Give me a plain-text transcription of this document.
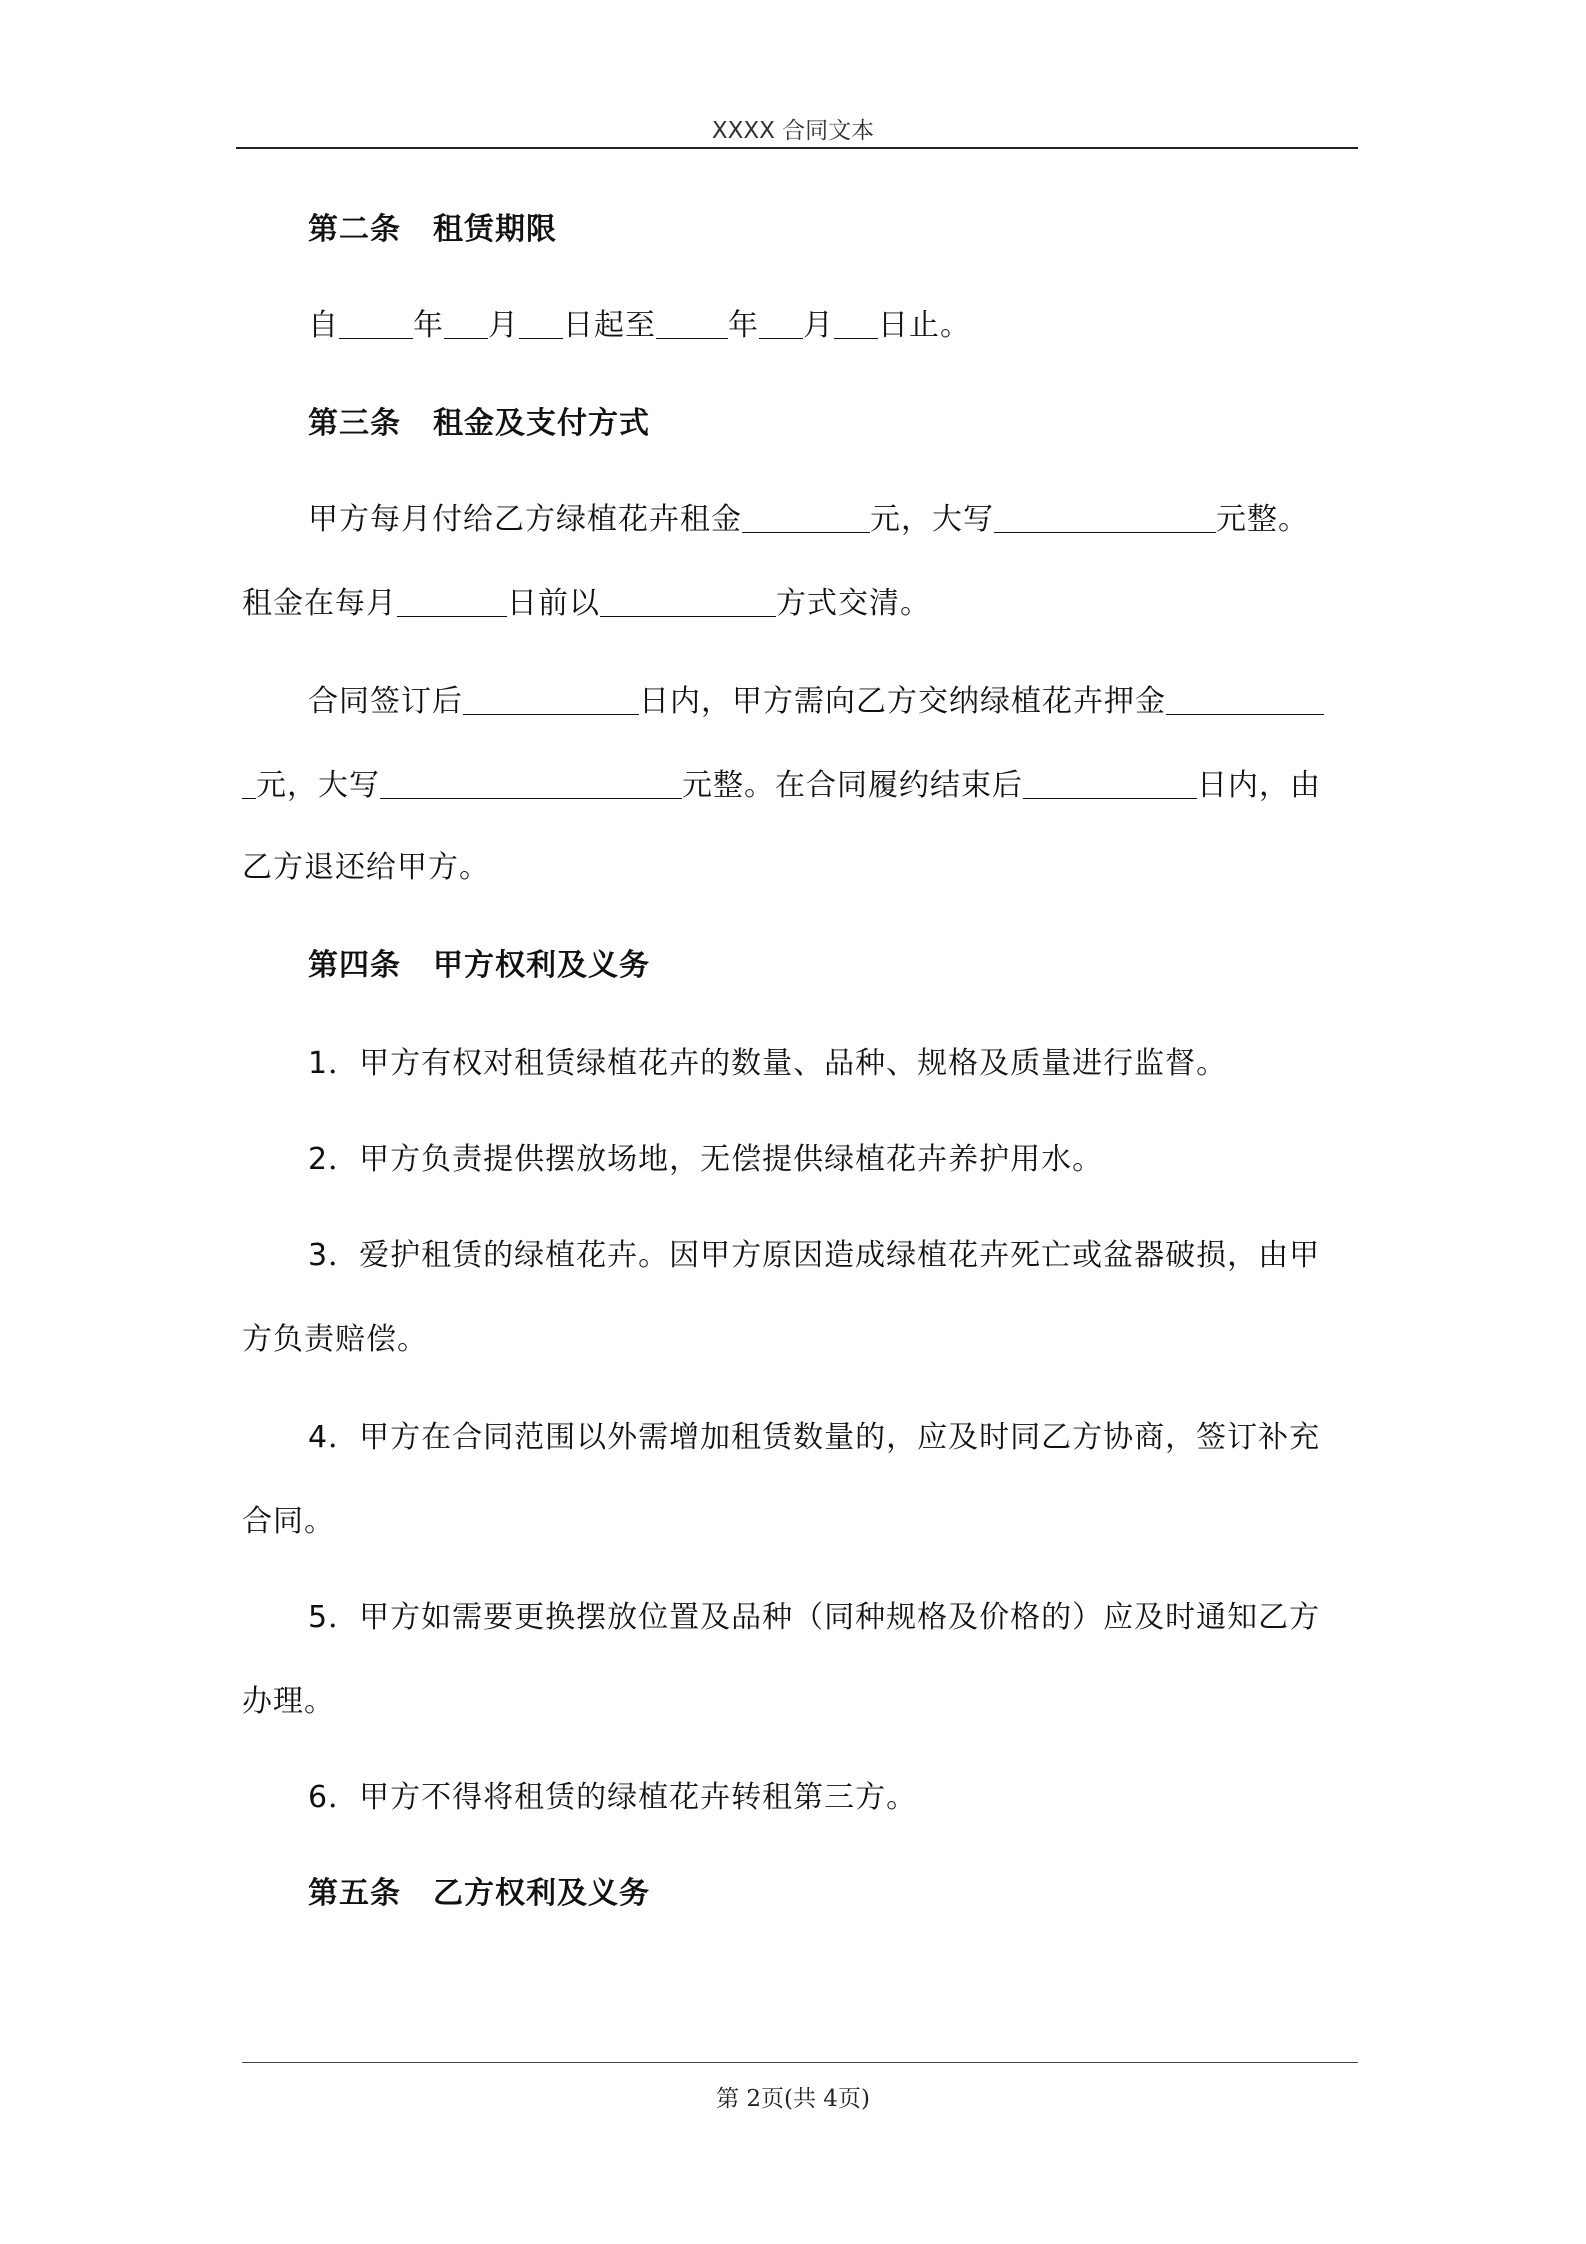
XXXX 合同文本
第二条 租赁期限
自 年 月 日起至 年 月 日止。
第三条 租金及支付方式
甲方每月付给乙方绿植花卉租金	元，大写	元整。
租金在每月	日前以	方式交清。
合同签订后	日内，甲方需向乙方交纳绿植花卉押金
元，大写	元整。在合同履约结束后	日内，由
乙方退还给甲方。
第四条 甲方权利及义务
1．甲方有权对租赁绿植花卉的数量、品种、规格及质量进行监督。
2．甲方负责提供摆放场地，无偿提供绿植花卉养护用水。
3．爱护租赁的绿植花卉。因甲方原因造成绿植花卉死亡或盆器破损，由甲
方负责赔偿。
4．甲方在合同范围以外需增加租赁数量的，应及时同乙方协商，签订补充
合同。
5．甲方如需要更换摆放位置及品种（同种规格及价格的）应及时通知乙方
办理。
6．甲方不得将租赁的绿植花卉转租第三方。
第五条 乙方权利及义务
第 2页(共 4页)
